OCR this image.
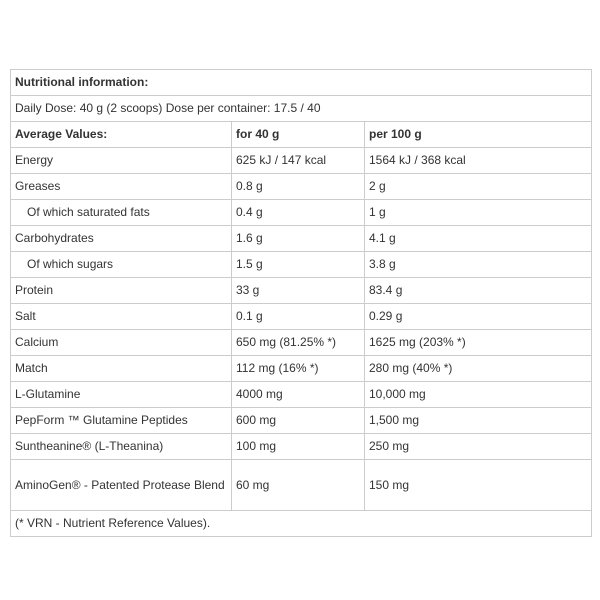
Nutritional information:		
Daily Dose: 40 g (2 scoops) Dose per container: 17.5 / 40		
Average Values:	for 40 g	per 100 g
Energy	625 kJ / 147 kcal	1564 kJ / 368 kcal
Greases	0.8 g	2 g
Of which saturated fats	0.4 g	1 g
Carbohydrates	1.6 g	4.1 g
Of which sugars	1.5 g	3.8 g
Protein	33 g	83.4 g
Salt	0.1 g	0.29 g
Calcium	650 mg (81.25% *)	1625 mg (203% *)
Match	112 mg (16% *)	280 mg (40% *)
L-Glutamine	4000 mg	10,000 mg
PepForm ™ Glutamine Peptides	600 mg	1,500 mg
Suntheanine® (L-Theanina)	100 mg	250 mg
AminoGen® - Patented Protease Blend	60 mg	150 mg
(* VRN - Nutrient Reference Values).		
